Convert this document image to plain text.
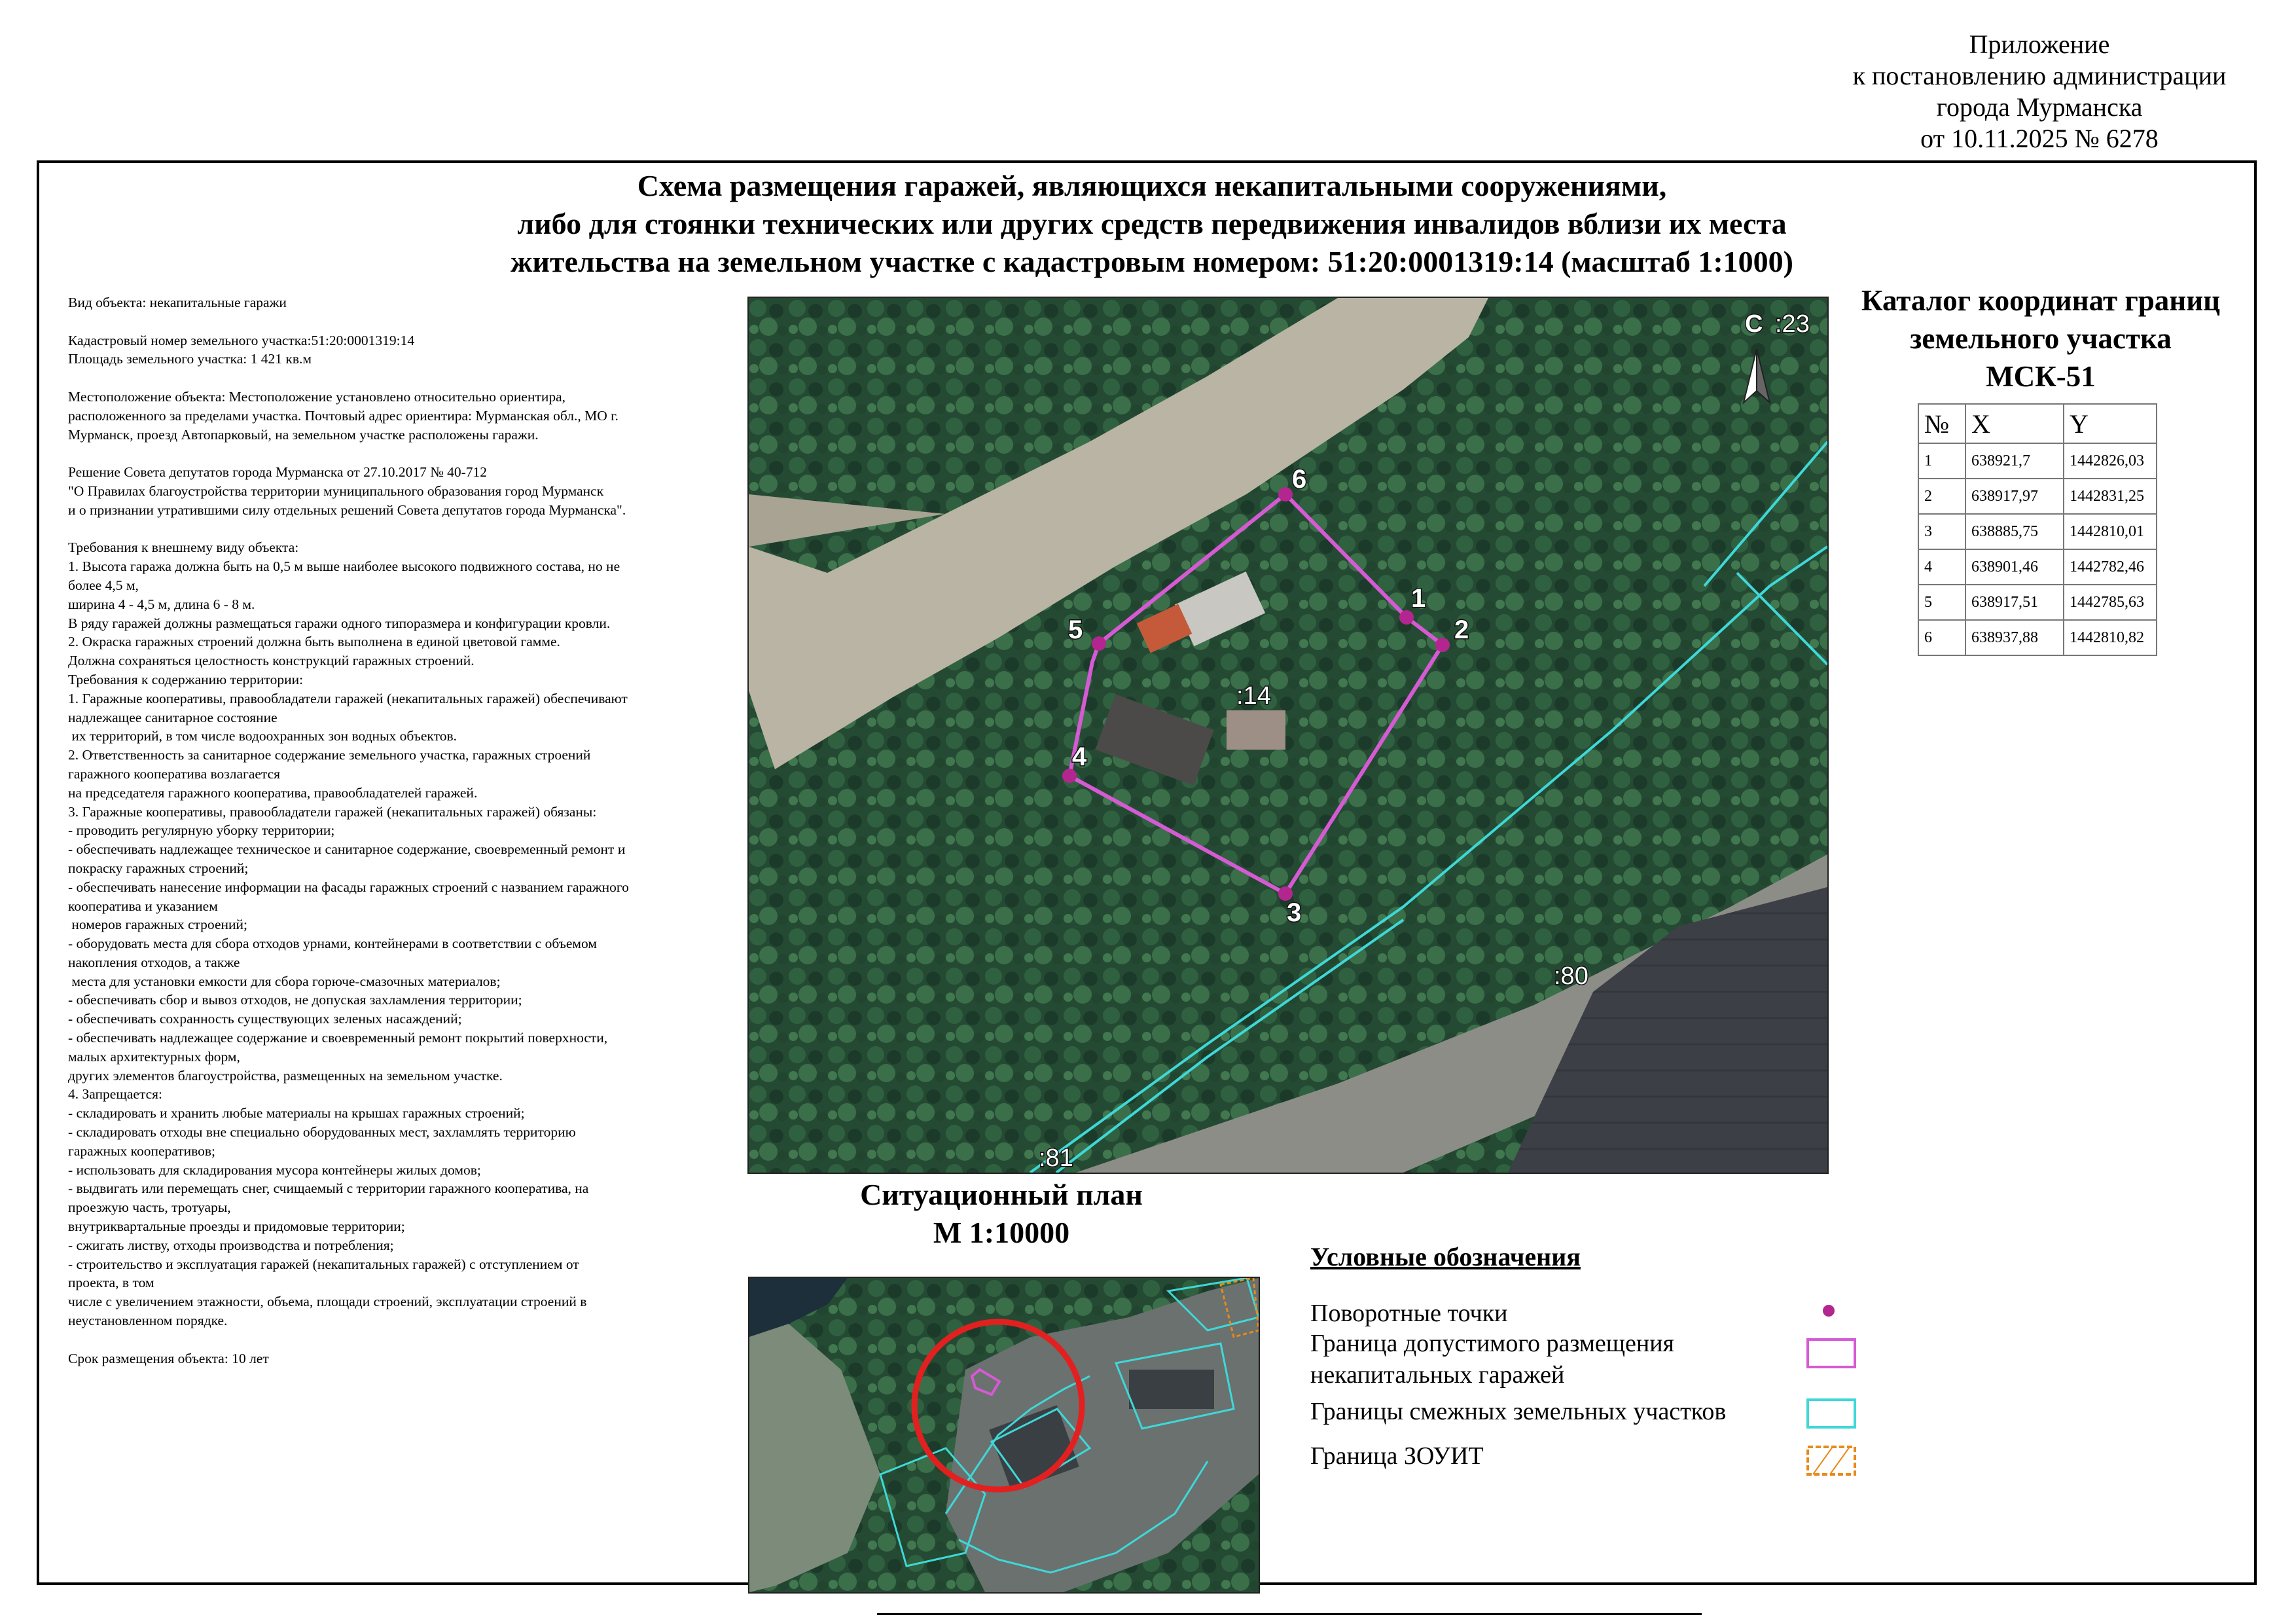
Приложение
к постановлению администрации
города Мурманска
от 10.11.2025 № 6278
Схема размещения гаражей, являющихся некапитальными сооружениями,
либо для стоянки технических или других средств передвижения инвалидов вблизи их места
жительства на земельном участке с кадастровым номером: 51:20:0001319:14 (масштаб 1:1000)
Вид объекта: некапитальные гаражи

Кадастровый номер земельного участка:51:20:0001319:14
Площадь земельного участка: 1 421 кв.м

Местоположение объекта: Местоположение установлено относительно ориентира,
расположенного за пределами участка. Почтовый адрес ориентира: Мурманская обл., МО г.
Мурманск, проезд Автопарковый, на земельном участке расположены гаражи.

Решение Совета депутатов города Мурманска от 27.10.2017 № 40-712
"О Правилах благоустройства территории муниципального образования город Мурманск
и о признании утратившими силу отдельных решений Совета депутатов города Мурманска".

Требования к внешнему виду объекта:
1. Высота гаража должна быть на 0,5 м выше наиболее высокого подвижного состава, но не
более 4,5 м,
ширина 4 - 4,5 м, длина 6 - 8 м.
В ряду гаражей должны размещаться гаражи одного типоразмера и конфигурации кровли.
2. Окраска гаражных строений должна быть выполнена в единой цветовой гамме.
Должна сохраняться целостность конструкций гаражных строений.
Требования к содержанию территории:
1. Гаражные кооперативы, правообладатели гаражей (некапитальных гаражей) обеспечивают
надлежащее санитарное состояние
их территорий, в том числе водоохранных зон водных объектов.
2. Ответственность за санитарное содержание земельного участка, гаражных строений
гаражного кооператива возлагается
на председателя гаражного кооператива, правообладателей гаражей.
3. Гаражные кооперативы, правообладатели гаражей (некапитальных гаражей) обязаны:
- проводить регулярную уборку территории;
- обеспечивать надлежащее техническое и санитарное содержание, своевременный ремонт и
покраску гаражных строений;
- обеспечивать нанесение информации на фасады гаражных строений с названием гаражного
кооператива и указанием
номеров гаражных строений;
- оборудовать места для сбора отходов урнами, контейнерами в соответствии с объемом
накопления отходов, а также
места для установки емкости для сбора горюче-смазочных материалов;
- обеспечивать сбор и вывоз отходов, не допуская захламления территории;
- обеспечивать сохранность существующих зеленых насаждений;
- обеспечивать надлежащее содержание и своевременный ремонт покрытий поверхности,
малых архитектурных форм,
других элементов благоустройства, размещенных на земельном участке.
4. Запрещается:
- складировать и хранить любые материалы на крышах гаражных строений;
- складировать отходы вне специально оборудованных мест, захламлять территорию
гаражных кооперативов;
- использовать для складирования мусора контейнеры жилых домов;
- выдвигать или перемещать снег, счищаемый с территории гаражного кооператива, на
проезжую часть, тротуары,
внутриквартальные проезды и придомовые территории;
- сжигать листву, отходы производства и потребления;
- строительство и эксплуатация гаражей (некапитальных гаражей) с отступлением от
проекта, в том
числе с увеличением этажности, объема, площади строений, эксплуатации строений в
неустановленном порядке.

Срок размещения объекта: 10 лет
1
2
3
4
5
6
:14
:23
:80
:81
С
Каталог координат границ
земельного участка
МСК-51
№	X	Y
1	638921,7	1442826,03
2	638917,97	1442831,25
3	638885,75	1442810,01
4	638901,46	1442782,46
5	638917,51	1442785,63
6	638937,88	1442810,82
Ситуационный план
М 1:10000
Условные обозначения
Поворотные точки
Граница допустимого размещения
некапитальных гаражей
Границы смежных земельных участков
Граница ЗОУИТ
